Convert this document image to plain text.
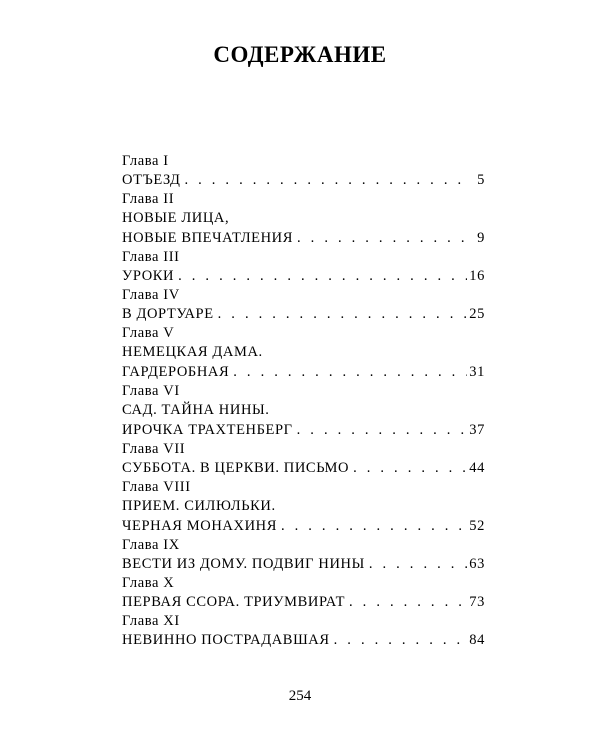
СОДЕРЖАНИЕ
Глава I
ОТЪЕЗД . . .	5
Глава II
НОВЫЕ ЛИЦА,
НОВЫЕ ВПЕЧАТЛЕНИЯ . . .	9
Глава III
УРОКИ . . .	16
Глава IV
В ДОРТУАРЕ . . .	25
Глава V
НЕМЕЦКАЯ ДАМА.
ГАРДЕРОБНАЯ . . .	31
Глава VI
САД. ТАЙНА НИНЫ.
ИРОЧКА ТРАХТЕНБЕРГ . . .	37
Глава VII
СУББОТА. В ЦЕРКВИ. ПИСЬМО . . .	44
Глава VIII
ПРИЕМ. СИЛЮЛЬКИ.
ЧЕРНАЯ МОНАХИНЯ . . .	52
Глава IX
ВЕСТИ ИЗ ДОМУ. ПОДВИГ НИНЫ . . .	63
Глава X
ПЕРВАЯ ССОРА. ТРИУМВИРАТ . . .	73
Глава XI
НЕВИННО ПОСТРАДАВШАЯ . . .	84
254
